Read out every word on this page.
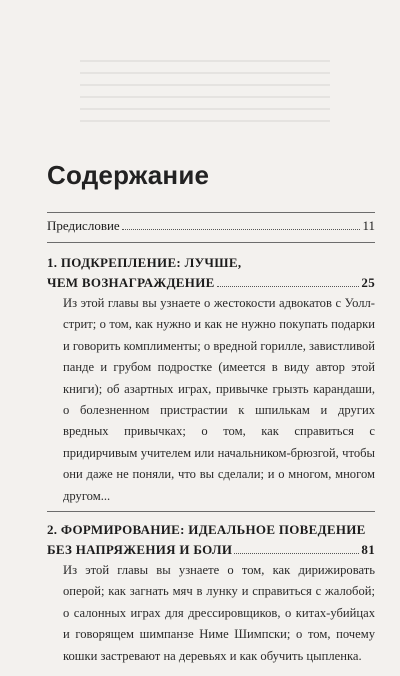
Содержание
Предисловие	11
1. ПОДКРЕПЛЕНИЕ: ЛУЧШЕ,
ЧЕМ ВОЗНАГРАЖДЕНИЕ	25
Из этой главы вы узнаете о жестокости адвокатов с Уолл-стрит; о том, как нужно и как не нужно покупать подарки и говорить комплименты; о вредной горилле, завистливой панде и грубом подростке (имеется в виду автор этой книги); об азартных играх, привычке грызть карандаши, о болезненном пристрастии к шпилькам и других вредных привычках; о том, как справиться с придирчивым учителем или начальником-брюзгой, чтобы они даже не поняли, что вы сделали; и о многом, многом другом...
2. ФОРМИРОВАНИЕ: ИДЕАЛЬНОЕ ПОВЕДЕНИЕ
БЕЗ НАПРЯЖЕНИЯ И БОЛИ	81
Из этой главы вы узнаете о том, как дирижировать оперой; как загнать мяч в лунку и справиться с жалобой; о салонных играх для дрессировщиков, о китах-убийцах и говорящем шимпанзе Ниме Шимпски; о том, почему кошки застревают на деревьях и как обучить цыпленка.
